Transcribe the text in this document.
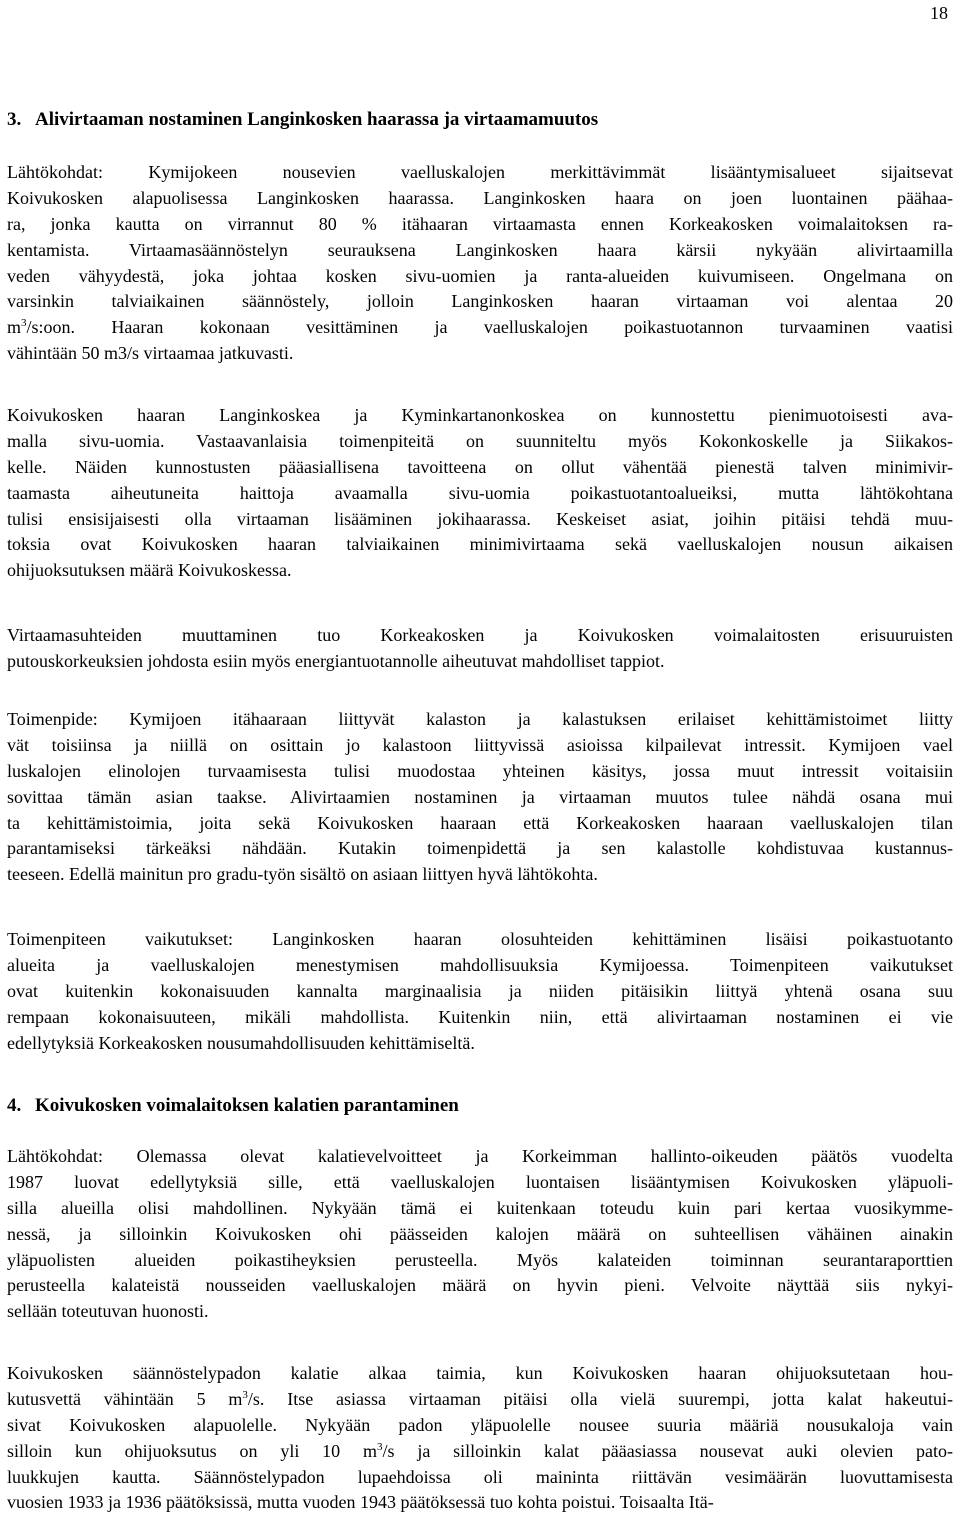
18
3. Alivirtaaman nostaminen Langinkosken haarassa ja virtaamamuutos
Lähtökohdat: Kymijokeen nousevien vaelluskalojen merkittävimmät lisääntymisalueet sijaitsevat
Koivukosken alapuolisessa Langinkosken haarassa. Langinkosken haara on joen luontainen päähaa-
ra, jonka kautta on virrannut 80 % itähaaran virtaamasta ennen Korkeakosken voimalaitoksen ra-
kentamista. Virtaamasäännöstelyn seurauksena Langinkosken haara kärsii nykyään alivirtaamilla
veden vähyydestä, joka johtaa kosken sivu-uomien ja ranta-alueiden kuivumiseen. Ongelmana on
varsinkin talviaikainen säännöstely, jolloin Langinkosken haaran virtaaman voi alentaa 20
$m^3/s:oon$. Haaran kokonaan vesittäminen ja vaelluskalojen poikastuotannon turvaaminen vaatisi
vähintään 50 m3/s virtaamaa jatkuvasti.
Koivukosken haaran Langinkoskea ja Kyminkartanonkoskea on kunnostettu pienimuotoisesti ava-
malla sivu-uomia. Vastaavanlaisia toimenpiteitä on suunniteltu myös Kokonkoskelle ja Siikakos-
kelle. Näiden kunnostusten pääasiallisena tavoitteena on ollut vähentää pienestä talven minimivir-
taamasta aiheutuneita haittoja avaamalla sivu-uomia poikastuotantoalueiksi, mutta lähtökohtana
tulisi ensisijaisesti olla virtaaman lisääminen jokihaarassa. Keskeiset asiat, joihin pitäisi tehdä muu-
toksia ovat Koivukosken haaran talviaikainen minimivirtaama sekä vaelluskalojen nousun aikaisen
ohijuoksutuksen määrä Koivukoskessa.
Virtaamasuhteiden muuttaminen tuo Korkeakosken ja Koivukosken voimalaitosten erisuuruisten
putouskorkeuksien johdosta esiin myös energiantuotannolle aiheutuvat mahdolliset tappiot.
Toimenpide: Kymijoen itähaaraan liittyvät kalaston ja kalastuksen erilaiset kehittämistoimet liitty
vät toisiinsa ja niillä on osittain jo kalastoon liittyvissä asioissa kilpailevat intressit. Kymijoen vael
luskalojen elinolojen turvaamisesta tulisi muodostaa yhteinen käsitys, jossa muut intressit voitaisiin
sovittaa tämän asian taakse. Alivirtaamien nostaminen ja virtaaman muutos tulee nähdä osana mui
ta kehittämistoimia, joita sekä Koivukosken haaraan että Korkeakosken haaraan vaelluskalojen tilan
parantamiseksi tärkeäksi nähdään. Kutakin toimenpidettä ja sen kalastolle kohdistuvaa kustannus-
teeseen. Edellä mainitun pro gradu-työn sisältö on asiaan liittyen hyvä lähtökohta.
Toimenpiteen vaikutukset: Langinkosken haaran olosuhteiden kehittäminen lisäisi poikastuotanto
alueita ja vaelluskalojen menestymisen mahdollisuuksia Kymijoessa. Toimenpiteen vaikutukset
ovat kuitenkin kokonaisuuden kannalta marginaalisia ja niiden pitäisikin liittyä yhtenä osana suu
rempaan kokonaisuuteen, mikäli mahdollista. Kuitenkin niin, että alivirtaaman nostaminen ei vie
edellytyksiä Korkeakosken nousumahdollisuuden kehittämiseltä.
4. Koivukosken voimalaitoksen kalatien parantaminen
Lähtökohdat: Olemassa olevat kalatievelvoitteet ja Korkeimman hallinto-oikeuden päätös vuodelta
1987 luovat edellytyksiä sille, että vaelluskalojen luontaisen lisääntymisen Koivukosken yläpuoli-
silla alueilla olisi mahdollinen. Nykyään tämä ei kuitenkaan toteudu kuin pari kertaa vuosikymme-
nessä, ja silloinkin Koivukosken ohi päässeiden kalojen määrä on suhteellisen vähäinen ainakin
yläpuolisten alueiden poikastiheyksien perusteella. Myös kalateiden toiminnan seurantaraporttien
perusteella kalateistä nousseiden vaelluskalojen määrä on hyvin pieni. Velvoite näyttää siis nykyi-
sellään toteutuvan huonosti.
Koivukosken säännöstelypadon kalatie alkaa taimia, kun Koivukosken haaran ohijuoksutetaan hou-
kutusvettä vähintään 5 $m^3/s$. Itse asiassa virtaaman pitäisi olla vielä suurempi, jotta kalat hakeutui-
sivat Koivukosken alapuolelle. Nykyään padon yläpuolelle nousee suuria määriä nousukaloja vain
silloin kun ohijuoksutus on yli 10 $m^3/s$ ja silloinkin kalat pääasiassa nousevat auki olevien pato-
luukkujen kautta. Säännöstelypadon lupaehdoissa oli maininta riittävän vesimäärän luovuttamisesta
vuosien 1933 ja 1936 päätöksissä, mutta vuoden 1943 päätöksessä tuo kohta poistui. Toisaalta Itä-
